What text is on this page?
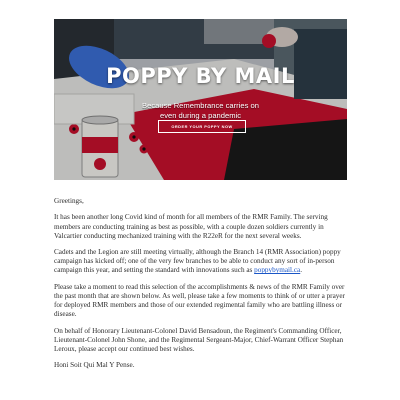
POPPY BY MAIL
Because Remembrance carries on
even during a pandemic
ORDER YOUR POPPY NOW

Greetings,

It has been another long Covid kind of month for all members of the RMR Family. The serving members are conducting training as best as possible, with a couple dozen soldiers currently in Valcartier conducting mechanized training with the R22eR for the next several weeks.

Cadets and the Legion are still meeting virtually, although the Branch 14 (RMR Association) poppy campaign has kicked off; one of the very few branches to be able to conduct any sort of in-person campaign this year, and setting the standard with innovations such as poppybymail.ca.

Please take a moment to read this selection of the accomplishments & news of the RMR Family over the past month that are shown below. As well, please take a few moments to think of or utter a prayer for deployed RMR members and those of our extended regimental family who are battling illness or disease.

On behalf of Honorary Lieutenant-Colonel David Bensadoun, the Regiment's Commanding Officer, Lieutenant-Colonel John Shone, and the Regimental Sergeant-Major, Chief-Warrant Officer Stephan Leroux, please accept our continued best wishes.

Honi Soit Qui Mal Y Pense.
